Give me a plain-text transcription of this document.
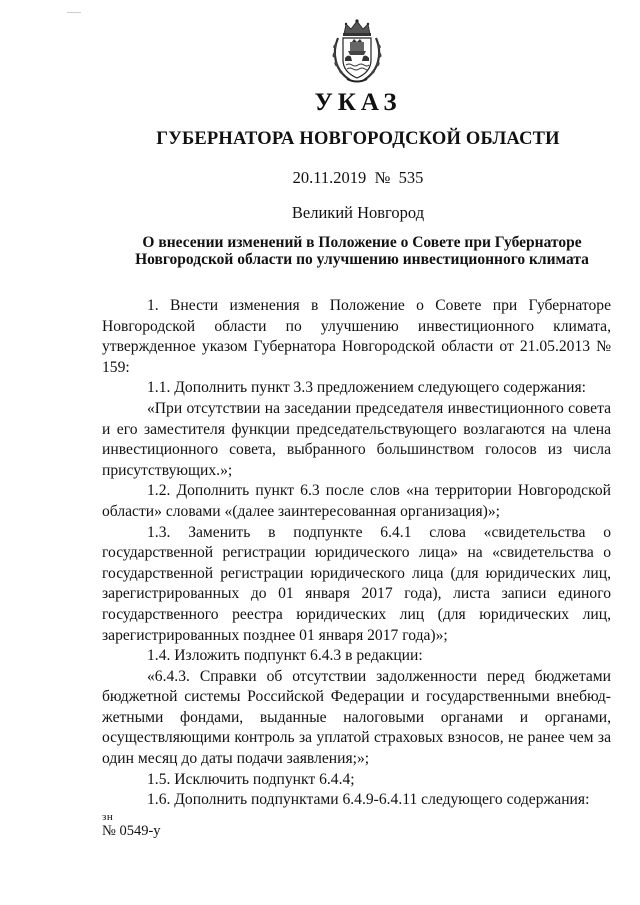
УКАЗ
ГУБЕРНАТОРА НОВГОРОДСКОЙ ОБЛАСТИ
20.11.2019 № 535
Великий Новгород
О внесении изменений в Положение о Совете при Губернаторе
Новгородской области по улучшению инвестиционного климата

1. Внести изменения в Положение о Совете при Губернаторе Новгородской области по улучшению инвестиционного климата, утвержденное указом Губернатора Новгородской области от 21.05.2013 № 159:

1.1. Дополнить пункт 3.3 предложением следующего содержания:

«При отсутствии на заседании председателя инвестиционного совета и его заместителя функции председательствующего возлагаются на члена инвестиционного совета, выбранного большинством голосов из числа присутствующих.»;

1.2. Дополнить пункт 6.3 после слов «на территории Новгородской области» словами «(далее заинтересованная организация)»;

1.3. Заменить в подпункте 6.4.1 слова «свидетельства о государственной регистрации юридического лица» на «свидетельства о государственной регистрации юридического лица (для юридических лиц, зарегистрированных до 01 января 2017 года), листа записи единого государственного реестра юридических лиц (для юридических лиц, зарегистрированных позднее 01 января 2017 года)»;

1.4. Изложить подпункт 6.4.3 в редакции:

«6.4.3. Справки об отсутствии задолженности перед бюджетами бюджетной системы Российской Федерации и государственными внебюд-жетными фондами, выданные налоговыми органами и органами, осуществляющими контроль за уплатой страховых взносов, не ранее чем за один месяц до даты подачи заявления;»;

1.5. Исключить подпункт 6.4.4;

1.6. Дополнить подпунктами 6.4.9-6.4.11 следующего содержания:

зн
№ 0549-у
